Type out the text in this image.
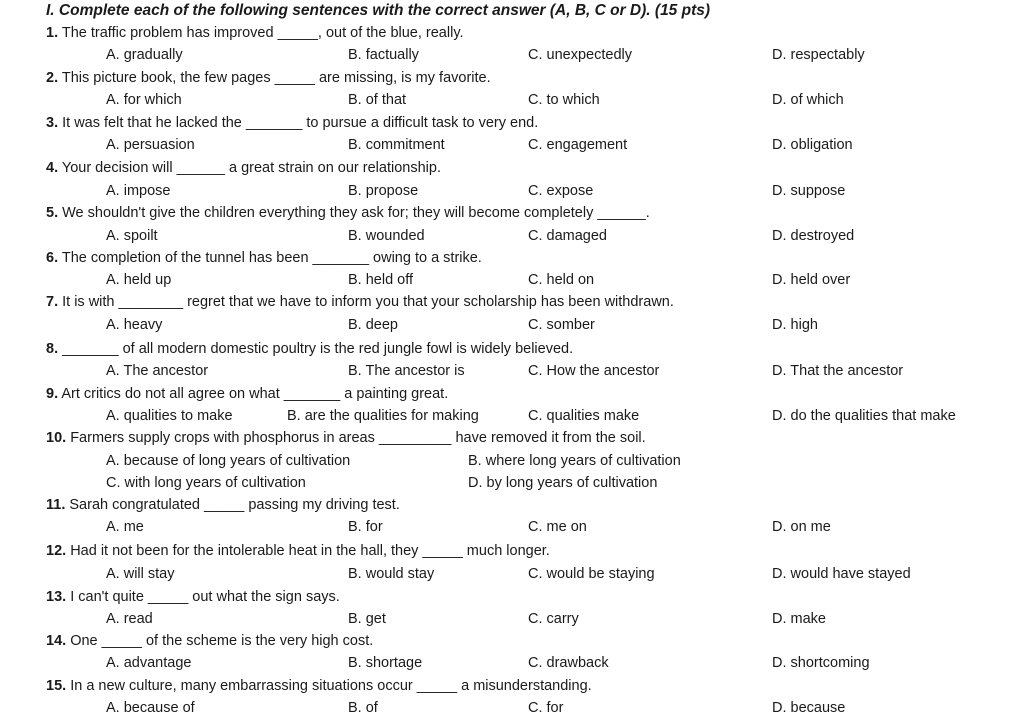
I. Complete each of the following sentences with the correct answer (A, B, C or D). (15 pts)
1. The traffic problem has improved _____, out of the blue, really.
A. gradually	B. factually	C. unexpectedly	D. respectably
2. This picture book, the few pages _____ are missing, is my favorite.
A. for which	B. of that	C. to which	D. of which
3. It was felt that he lacked the _______ to pursue a difficult task to very end.
A. persuasion	B. commitment	C. engagement	D. obligation
4. Your decision will ______ a great strain on our relationship.
A. impose	B. propose	C. expose	D. suppose
5. We shouldn't give the children everything they ask for; they will become completely ______.
A. spoilt	B. wounded	C. damaged	D. destroyed
6. The completion of the tunnel has been _______ owing to a strike.
A. held up	B. held off	C. held on	D. held over
7. It is with ________ regret that we have to inform you that your scholarship has been withdrawn.
A. heavy	B. deep	C. somber	D. high
8. _______ of all modern domestic poultry is the red jungle fowl is widely believed.
A. The ancestor	B. The ancestor is	C. How the ancestor	D. That the ancestor
9. Art critics do not all agree on what _______ a painting great.
A. qualities to make	B. are the qualities for making	C. qualities make	D. do the qualities that make
10. Farmers supply crops with phosphorus in areas _________ have removed it from the soil.
A. because of long years of cultivation	B. where long years of cultivation
C. with long years of cultivation	D. by long years of cultivation
11. Sarah congratulated _____ passing my driving test.
A. me	B. for	C. me on	D. on me
12. Had it not been for the intolerable heat in the hall, they _____ much longer.
A. will stay	B. would stay	C. would be staying	D. would have stayed
13. I can't quite _____ out what the sign says.
A. read	B. get	C. carry	D. make
14. One _____ of the scheme is the very high cost.
A. advantage	B. shortage	C. drawback	D. shortcoming
15. In a new culture, many embarrassing situations occur _____ a misunderstanding.
A. because of	B. of	C. for	D. because
